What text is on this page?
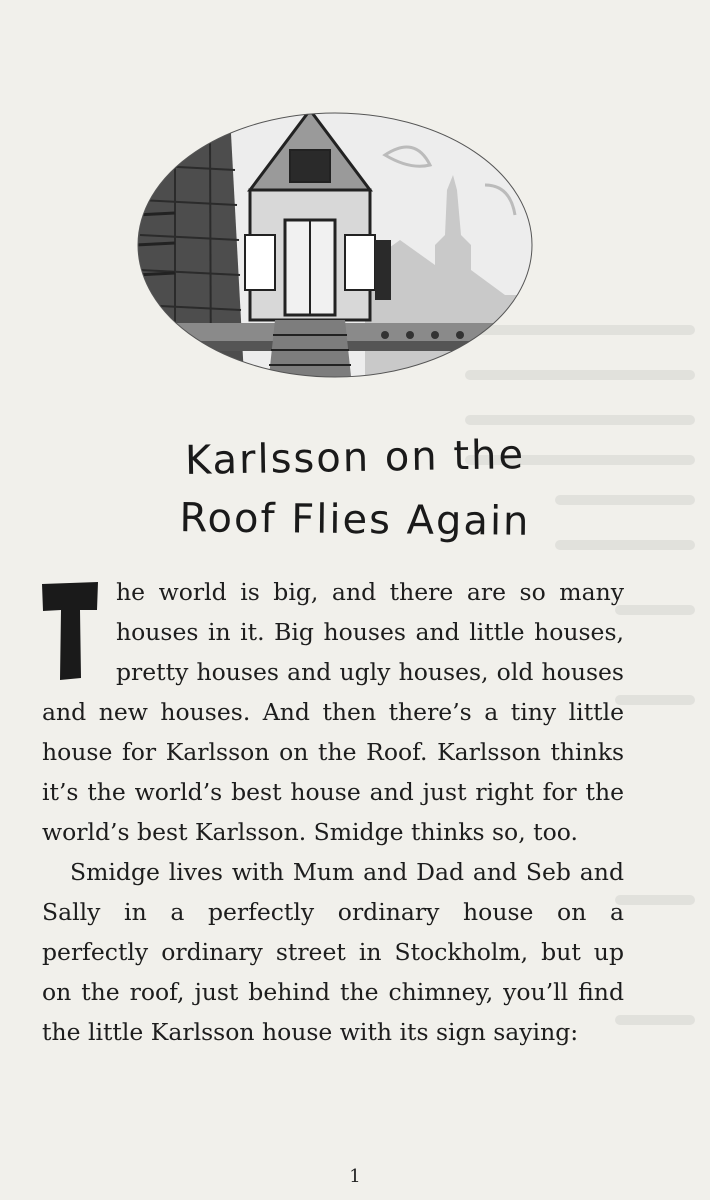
Karlsson on the
Roof Flies Again

he world is big, and there are so many houses in it. Big houses and little houses, pretty houses and ugly houses, old houses and new houses. And then there’s a tiny little house for Karlsson on the Roof. Karlsson thinks it’s the world’s best house and just right for the world’s best Karlsson. Smidge thinks so, too.

Smidge lives with Mum and Dad and Seb and Sally in a perfectly ordinary house on a perfectly ordinary street in Stockholm, but up on the roof, just behind the chimney, you’ll find the little Karlsson house with its sign saying:

1
